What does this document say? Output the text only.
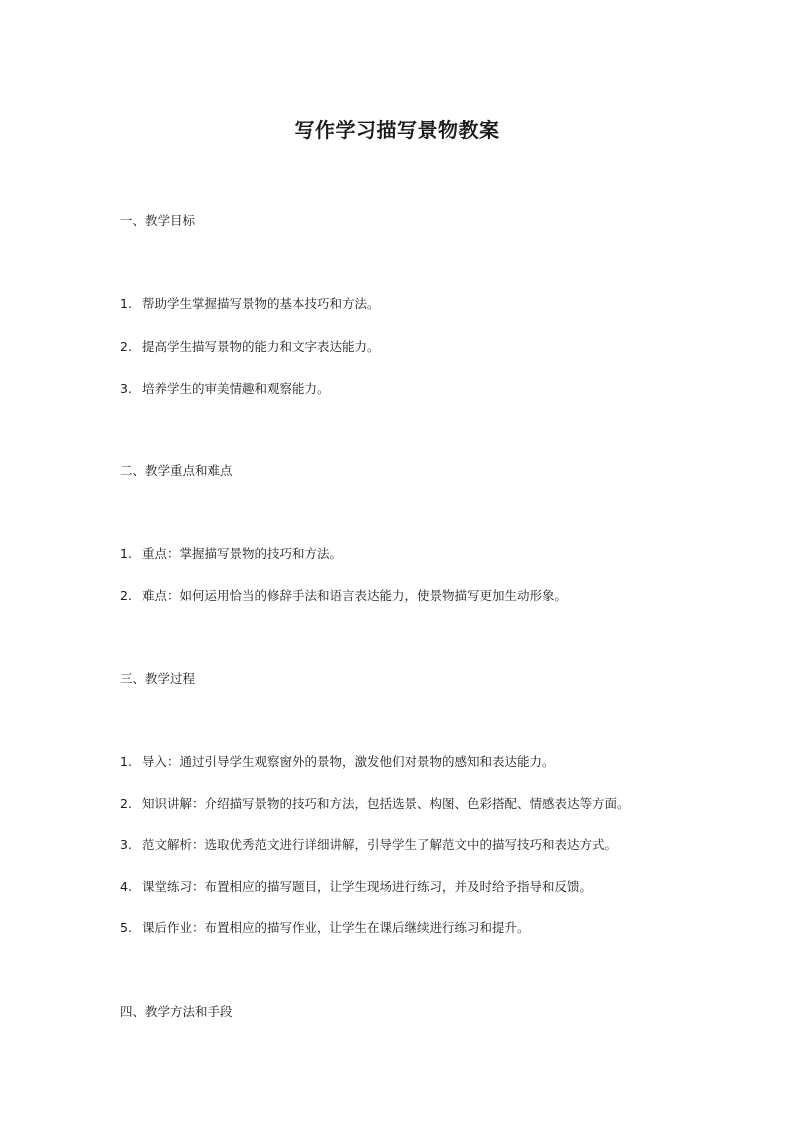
写作学习描写景物教案
一、教学目标
1. 帮助学生掌握描写景物的基本技巧和方法。
2. 提高学生描写景物的能力和文字表达能力。
3. 培养学生的审美情趣和观察能力。
二、教学重点和难点
1. 重点：掌握描写景物的技巧和方法。
2. 难点：如何运用恰当的修辞手法和语言表达能力，使景物描写更加生动形象。
三、教学过程
1. 导入：通过引导学生观察窗外的景物，激发他们对景物的感知和表达能力。
2. 知识讲解：介绍描写景物的技巧和方法，包括选景、构图、色彩搭配、情感表达等方面。
3. 范文解析：选取优秀范文进行详细讲解，引导学生了解范文中的描写技巧和表达方式。
4. 课堂练习：布置相应的描写题目，让学生现场进行练习，并及时给予指导和反馈。
5. 课后作业：布置相应的描写作业，让学生在课后继续进行练习和提升。
四、教学方法和手段
